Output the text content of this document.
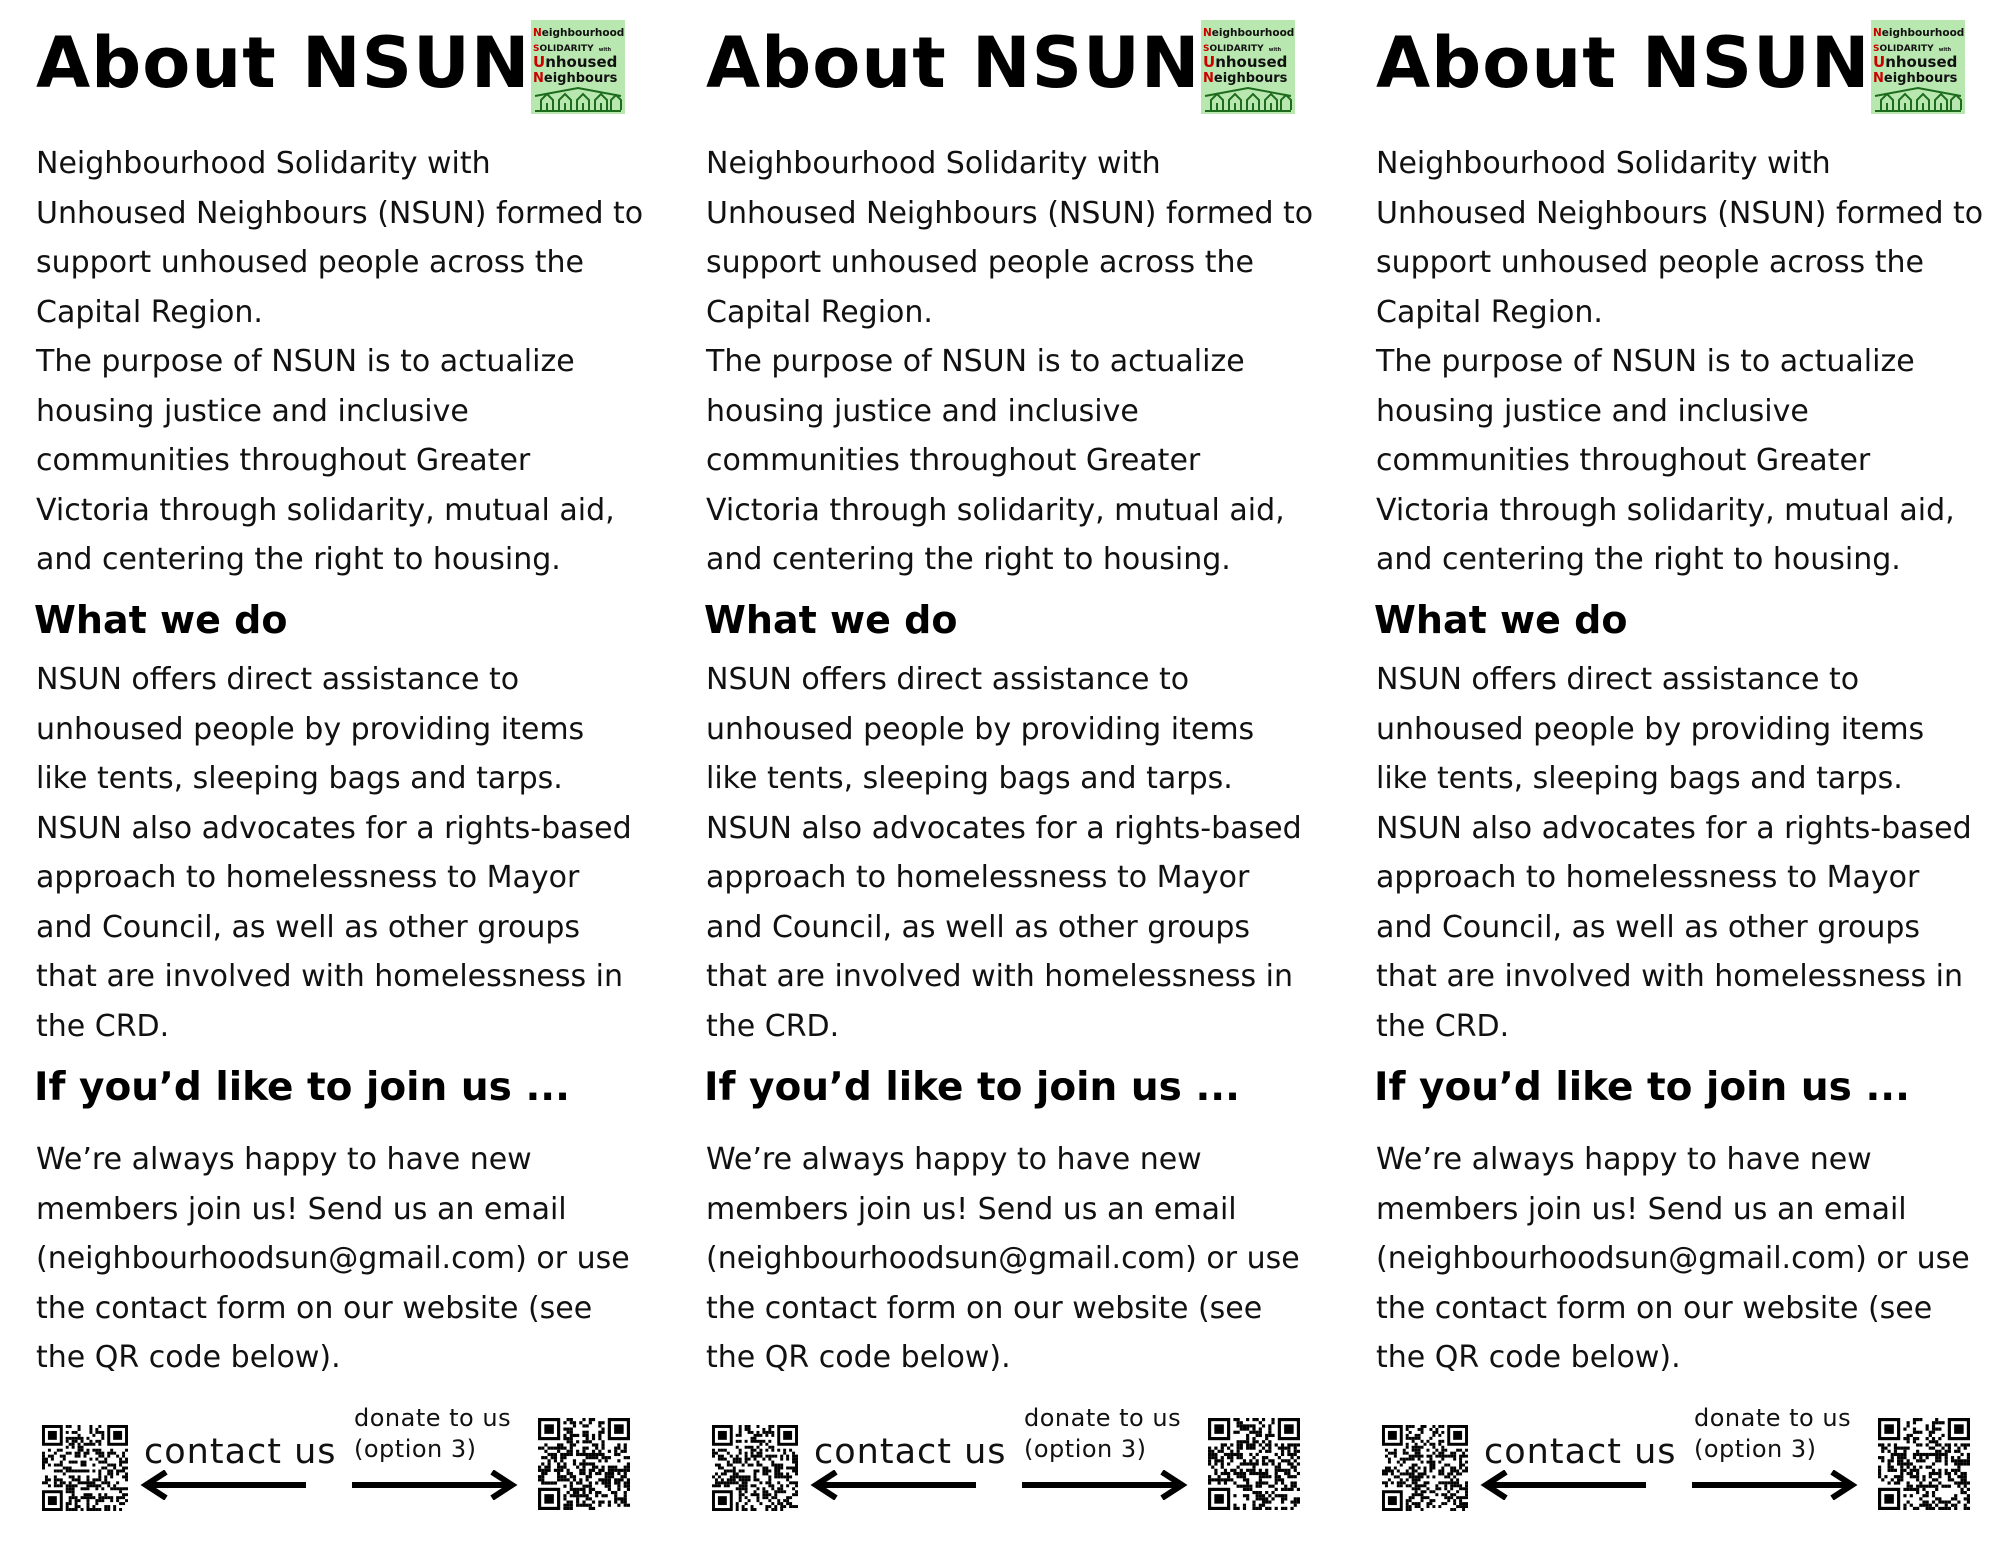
About NSUN Neighbourhood
SOLIDARITY with
Unhoused
Neighbours
Neighbourhood Solidarity with
Unhoused Neighbours (NSUN) formed to
support unhoused people across the
Capital Region.
The purpose of NSUN is to actualize
housing justice and inclusive
communities throughout Greater
Victoria through solidarity, mutual aid,
and centering the right to housing.
What we do
NSUN offers direct assistance to
unhoused people by providing items
like tents, sleeping bags and tarps.
NSUN also advocates for a rights-based
approach to homelessness to Mayor
and Council, as well as other groups
that are involved with homelessness in
the CRD.
If you’d like to join us ...
We’re always happy to have new
members join us! Send us an email
(neighbourhoodsun@gmail.com) or use
the contact form on our website (see
the QR code below).
contact us
donate to us
(option 3)
About NSUN Neighbourhood
SOLIDARITY with
Unhoused
Neighbours
Neighbourhood Solidarity with
Unhoused Neighbours (NSUN) formed to
support unhoused people across the
Capital Region.
The purpose of NSUN is to actualize
housing justice and inclusive
communities throughout Greater
Victoria through solidarity, mutual aid,
and centering the right to housing.
What we do
NSUN offers direct assistance to
unhoused people by providing items
like tents, sleeping bags and tarps.
NSUN also advocates for a rights-based
approach to homelessness to Mayor
and Council, as well as other groups
that are involved with homelessness in
the CRD.
If you’d like to join us ...
We’re always happy to have new
members join us! Send us an email
(neighbourhoodsun@gmail.com) or use
the contact form on our website (see
the QR code below).
contact us
donate to us
(option 3)
About NSUN Neighbourhood
SOLIDARITY with
Unhoused
Neighbours
Neighbourhood Solidarity with
Unhoused Neighbours (NSUN) formed to
support unhoused people across the
Capital Region.
The purpose of NSUN is to actualize
housing justice and inclusive
communities throughout Greater
Victoria through solidarity, mutual aid,
and centering the right to housing.
What we do
NSUN offers direct assistance to
unhoused people by providing items
like tents, sleeping bags and tarps.
NSUN also advocates for a rights-based
approach to homelessness to Mayor
and Council, as well as other groups
that are involved with homelessness in
the CRD.
If you’d like to join us ...
We’re always happy to have new
members join us! Send us an email
(neighbourhoodsun@gmail.com) or use
the contact form on our website (see
the QR code below).
contact us
donate to us
(option 3)
